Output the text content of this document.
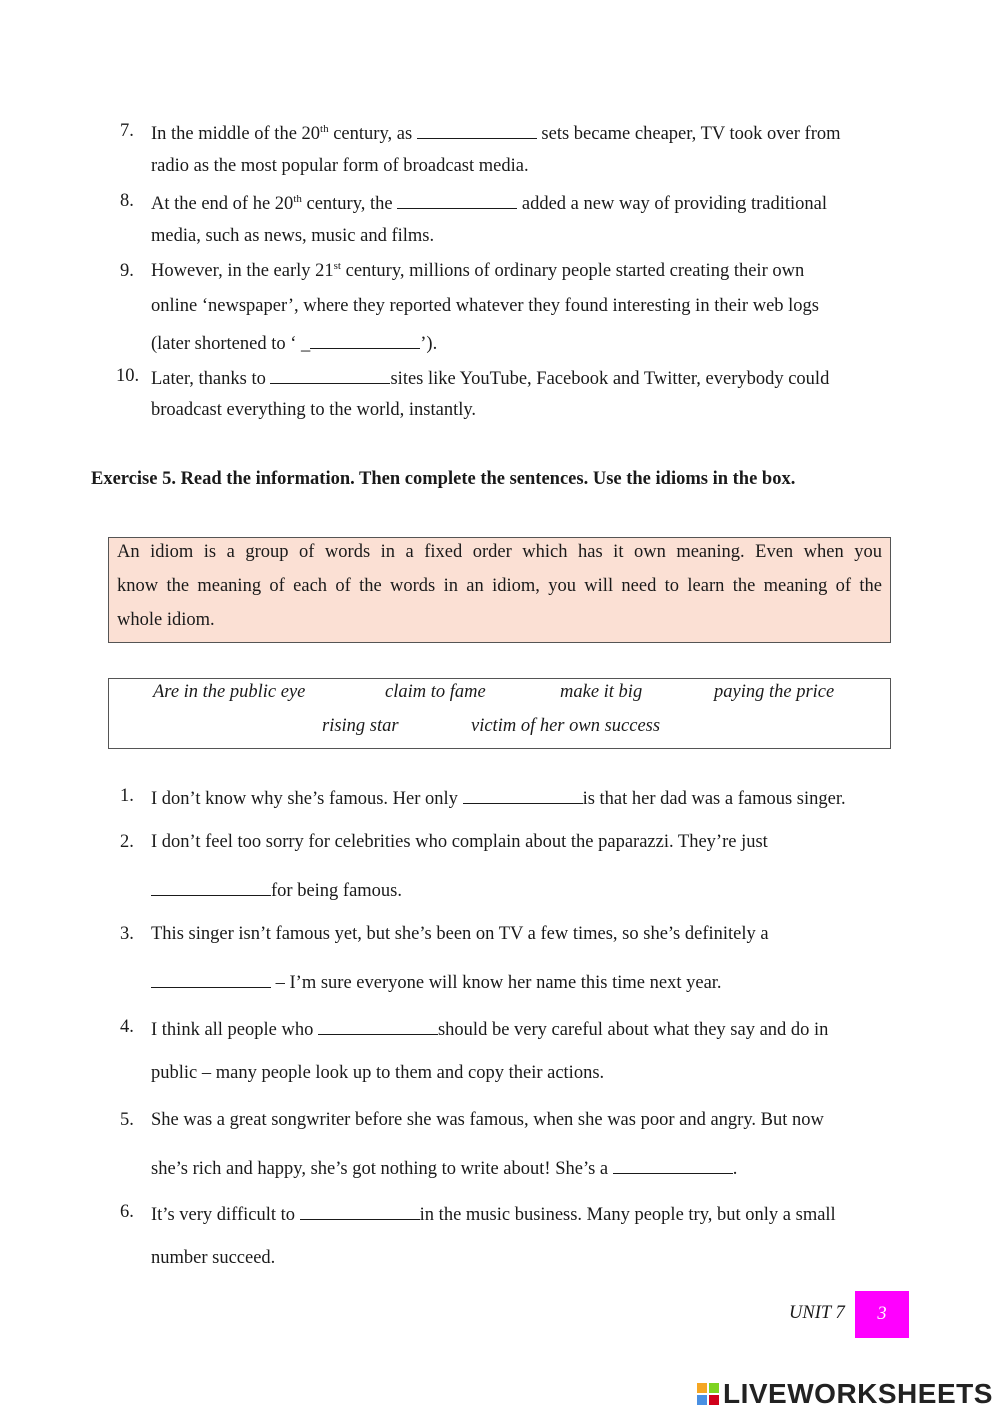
7. In the middle of the 20th century, as	sets became cheaper, TV took over from
radio as the most popular form of broadcast media.
8. At the end of he 20th century, the	added a new way of providing traditional
media, such as news, music and films.
9. However, in the early 21st century, millions of ordinary people started creating their own
online ‘newspaper’, where they reported whatever they found interesting in their web logs
(later shortened to ‘ _	’).
10. Later, thanks to	sites like YouTube, Facebook and Twitter, everybody could
broadcast everything to the world, instantly.
Exercise 5. Read the information. Then complete the sentences. Use the idioms in the box.
An idiom is a group of words in a fixed order which has it own meaning. Even when you
know the meaning of each of the words in an idiom, you will need to learn the meaning of the
whole idiom.
Are in the public eye	claim to fame	make it big	paying the price
rising star	victim of her own success
1. I don’t know why she’s famous. Her only	is that her dad was a famous singer.
2. I don’t feel too sorry for celebrities who complain about the paparazzi. They’re just
for being famous.
3. This singer isn’t famous yet, but she’s been on TV a few times, so she’s definitely a
– I’m sure everyone will know her name this time next year.
4. I think all people who	should be very careful about what they say and do in
public – many people look up to them and copy their actions.
5. She was a great songwriter before she was famous, when she was poor and angry. But now
she’s rich and happy, she’s got nothing to write about! She’s a	.
6. It’s very difficult to	in the music business. Many people try, but only a small
number succeed.
UNIT 7	3
LIVEWORKSHEETS
